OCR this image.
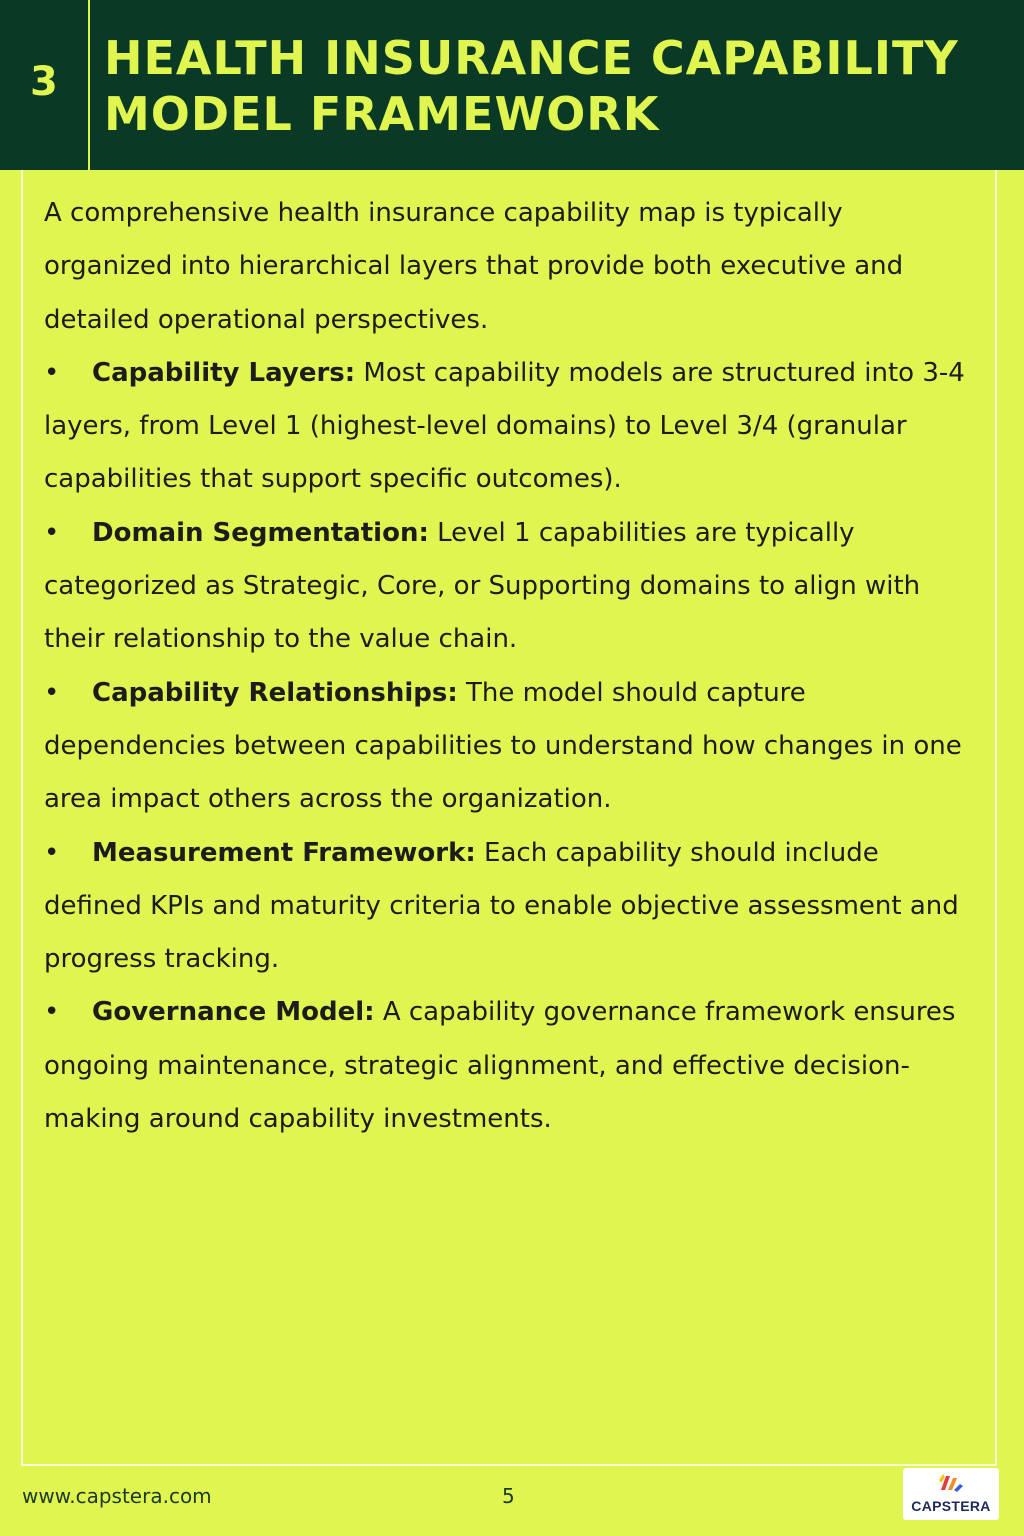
3 HEALTH INSURANCE CAPABILITY MODEL FRAMEWORK

A comprehensive health insurance capability map is typically organized into hierarchical layers that provide both executive and detailed operational perspectives.

• Capability Layers: Most capability models are structured into 3-4 layers, from Level 1 (highest-level domains) to Level 3/4 (granular capabilities that support specific outcomes).

• Domain Segmentation: Level 1 capabilities are typically categorized as Strategic, Core, or Supporting domains to align with their relationship to the value chain.

• Capability Relationships: The model should capture dependencies between capabilities to understand how changes in one area impact others across the organization.

• Measurement Framework: Each capability should include defined KPIs and maturity criteria to enable objective assessment and progress tracking.

• Governance Model: A capability governance framework ensures ongoing maintenance, strategic alignment, and effective decision-making around capability investments.

www.capstera.com	5	CAPSTERA
